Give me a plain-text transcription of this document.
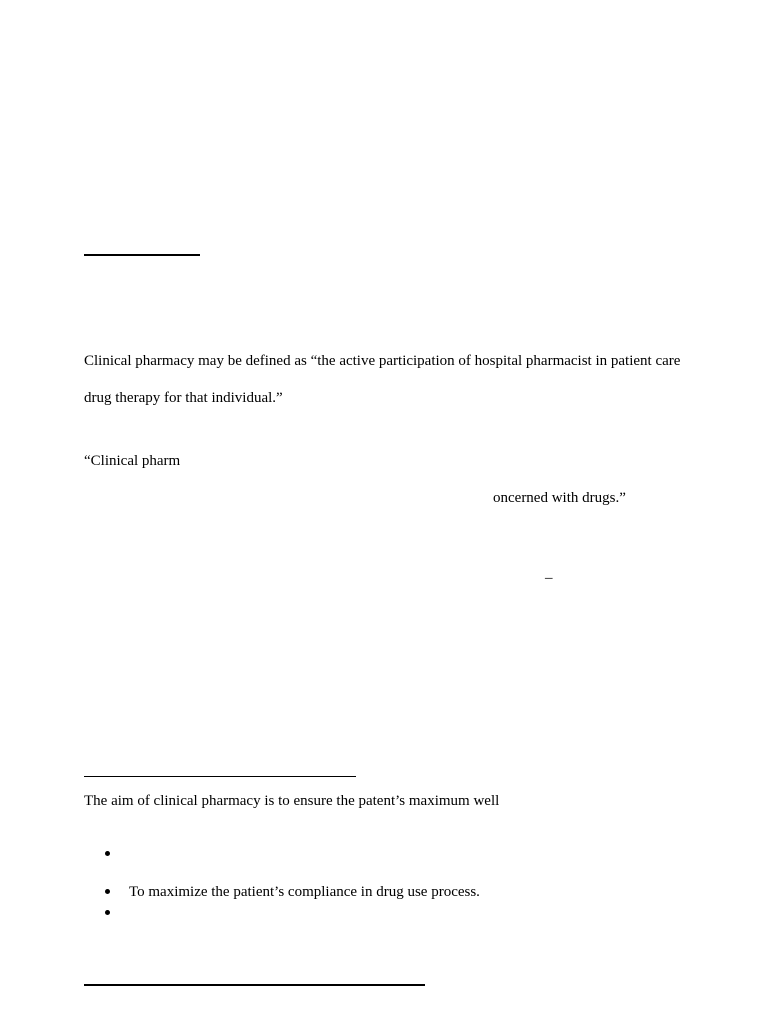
Clinical pharmacy may be defined as “the active participation of hospital pharmacist in patient care
drug therapy for that individual.”
“Clinical pharm
oncerned with drugs.”
–
The aim of clinical pharmacy is to ensure the patent’s maximum well
To maximize the patient’s compliance in drug use process.
